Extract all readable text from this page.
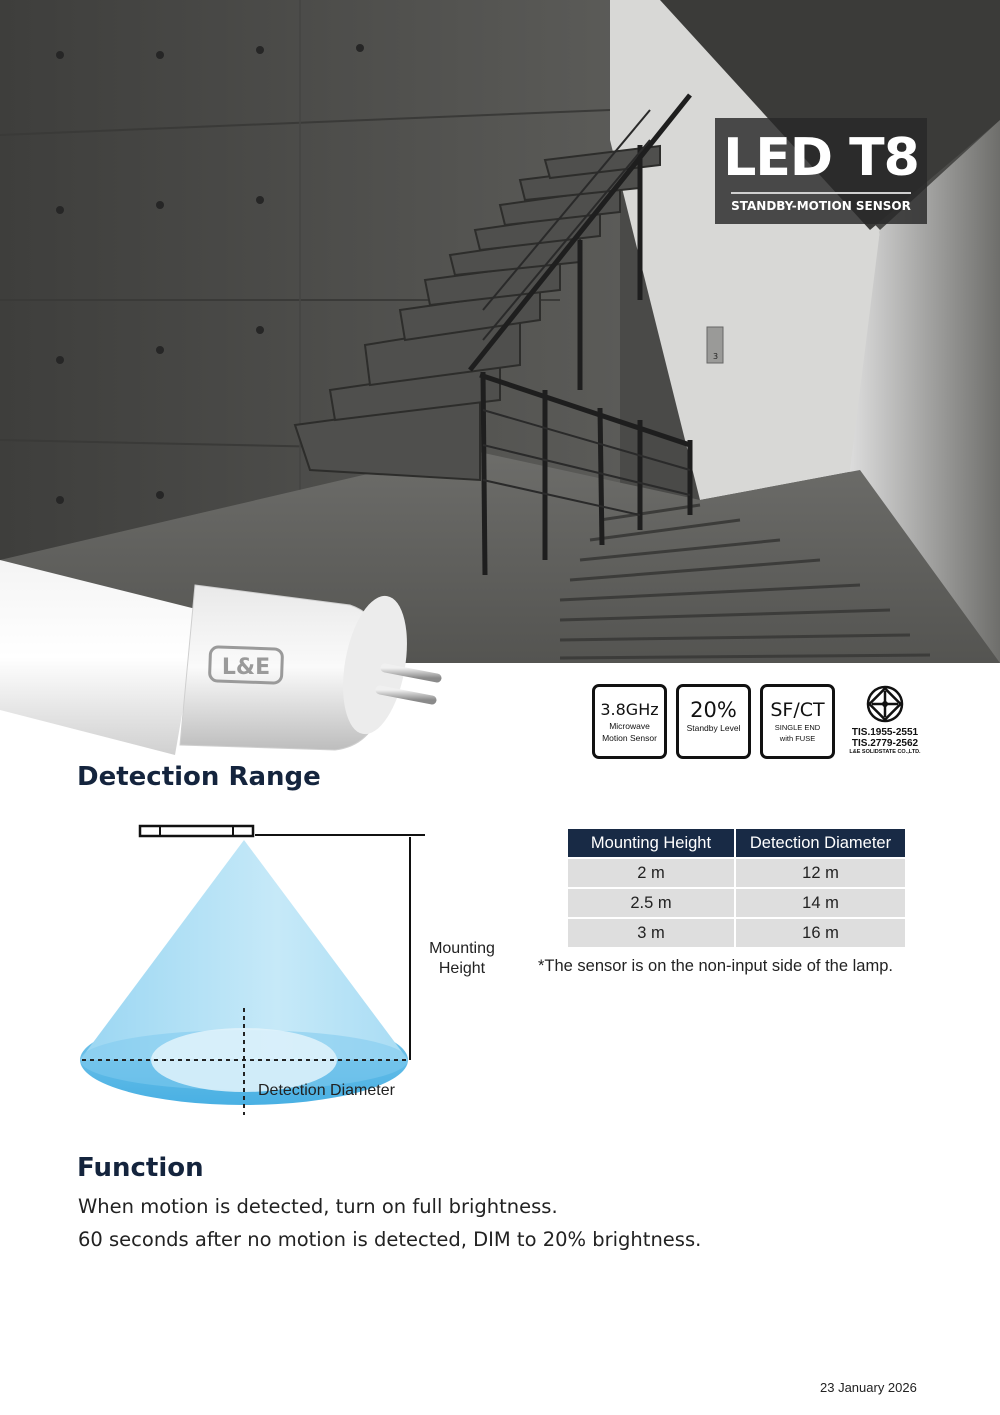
3
LED T8
STANDBY-MOTION SENSOR
L&E
3.8GHz
Microwave
Motion Sensor
20%
Standby Level
SF/CT
SINGLE END
with FUSE
TIS.1955-2551
TIS.2779-2562
L&E SOLIDSTATE CO.,LTD.
Detection Range
Mounting
Height
Detection Diameter
Mounting Height	Detection Diameter
2 m	12 m
2.5 m	14 m
3 m	16 m
*The sensor is on the non-input side of the lamp.
Function
When motion is detected, turn on full brightness.
60 seconds after no motion is detected, DIM to 20% brightness.
23 January 2026
